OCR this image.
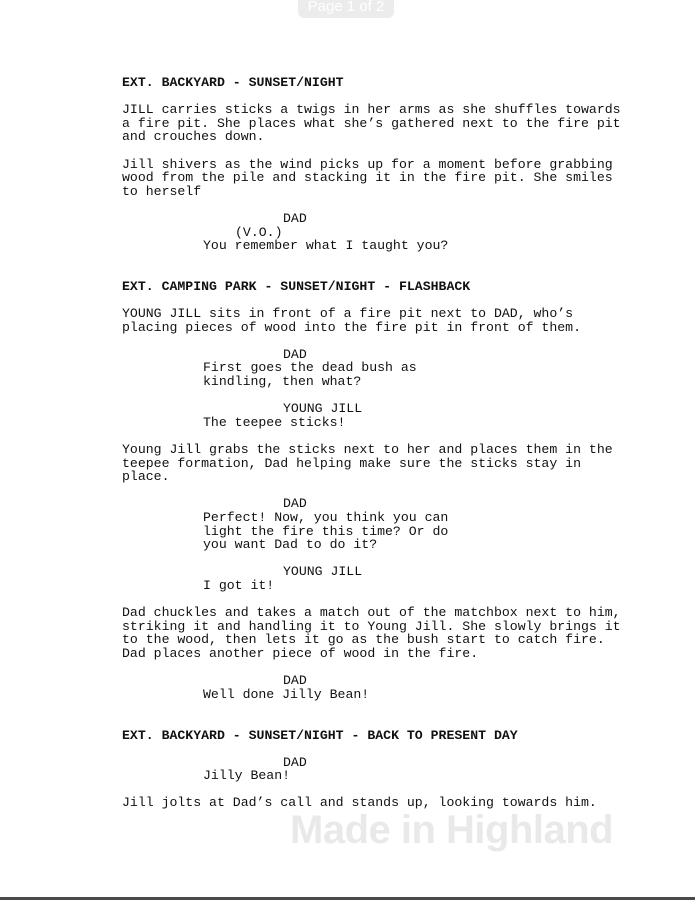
Page 1 of 2
EXT. BACKYARD - SUNSET/NIGHT
JILL carries sticks a twigs in her arms as she shuffles towards
a fire pit. She places what she’s gathered next to the fire pit
and crouches down.
Jill shivers as the wind picks up for a moment before grabbing
wood from the pile and stacking it in the fire pit. She smiles
to herself
DAD
(V.O.)
You remember what I taught you?
EXT. CAMPING PARK - SUNSET/NIGHT - FLASHBACK
YOUNG JILL sits in front of a fire pit next to DAD, who’s
placing pieces of wood into the fire pit in front of them.
DAD
First goes the dead bush as
kindling, then what?
YOUNG JILL
The teepee sticks!
Young Jill grabs the sticks next to her and places them in the
teepee formation, Dad helping make sure the sticks stay in
place.
DAD
Perfect! Now, you think you can
light the fire this time? Or do
you want Dad to do it?
YOUNG JILL
I got it!
Dad chuckles and takes a match out of the matchbox next to him,
striking it and handling it to Young Jill. She slowly brings it
to the wood, then lets it go as the bush start to catch fire.
Dad places another piece of wood in the fire.
DAD
Well done Jilly Bean!
EXT. BACKYARD - SUNSET/NIGHT - BACK TO PRESENT DAY
DAD
Jilly Bean!
Jill jolts at Dad’s call and stands up, looking towards him.
Made in Highland
